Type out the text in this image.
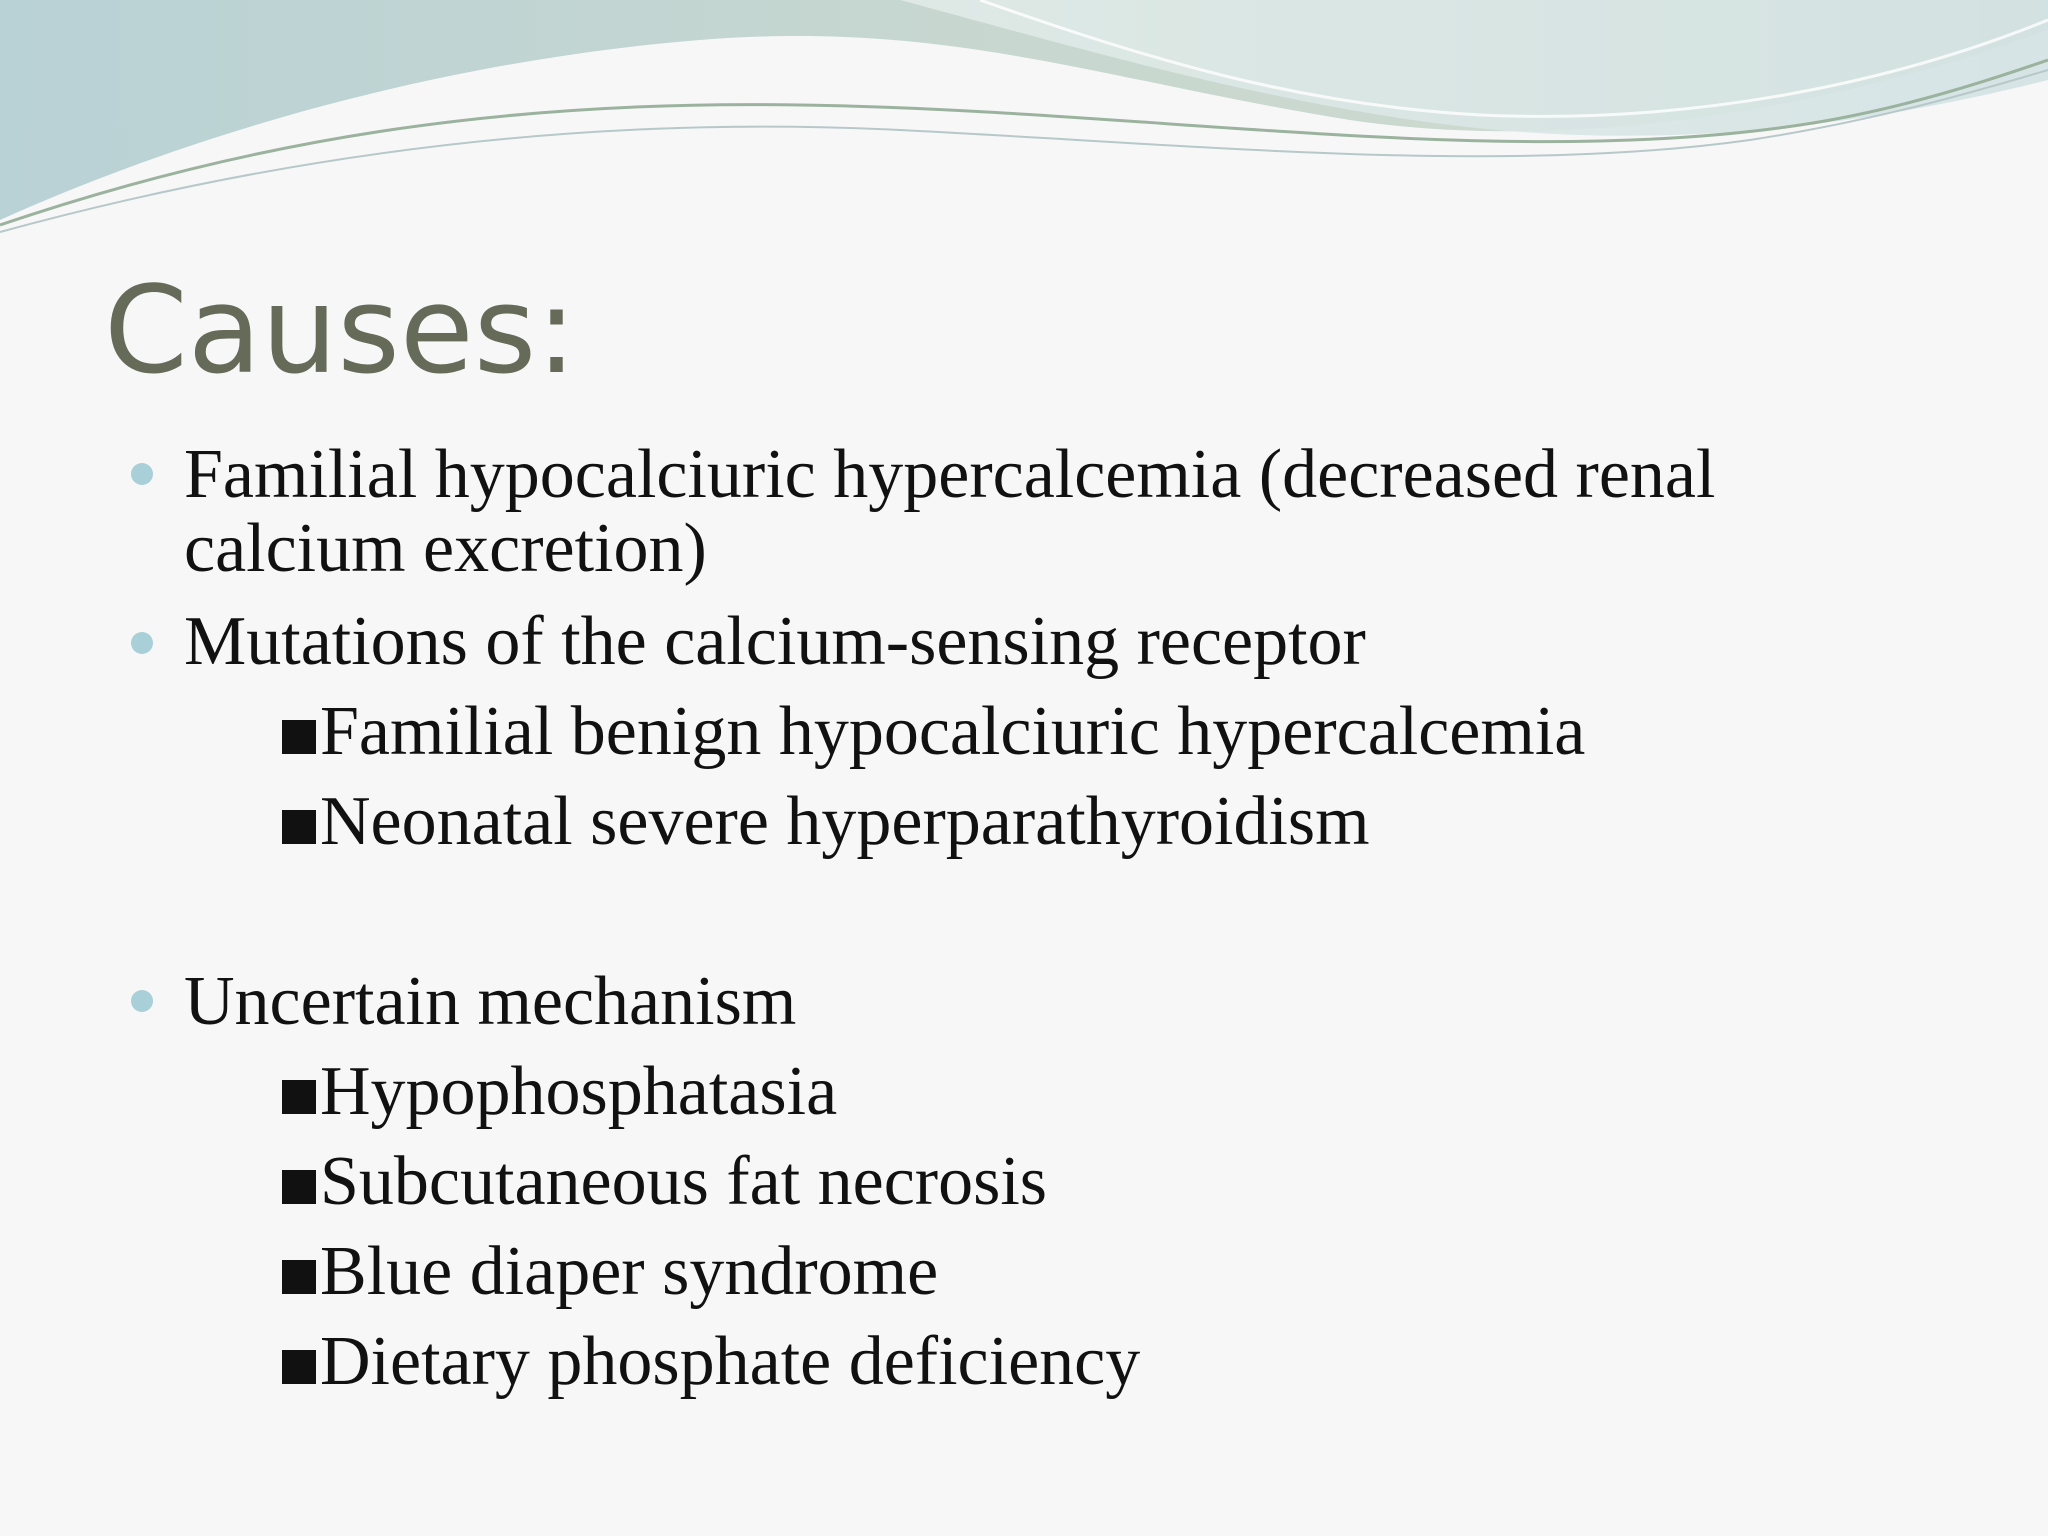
Causes:
Familial hypocalciuric hypercalcemia (decreased renal
calcium excretion)
Mutations of the calcium-sensing receptor
Familial benign hypocalciuric hypercalcemia
Neonatal severe hyperparathyroidism
Uncertain mechanism
Hypophosphatasia
Subcutaneous fat necrosis
Blue diaper syndrome
Dietary phosphate deficiency
